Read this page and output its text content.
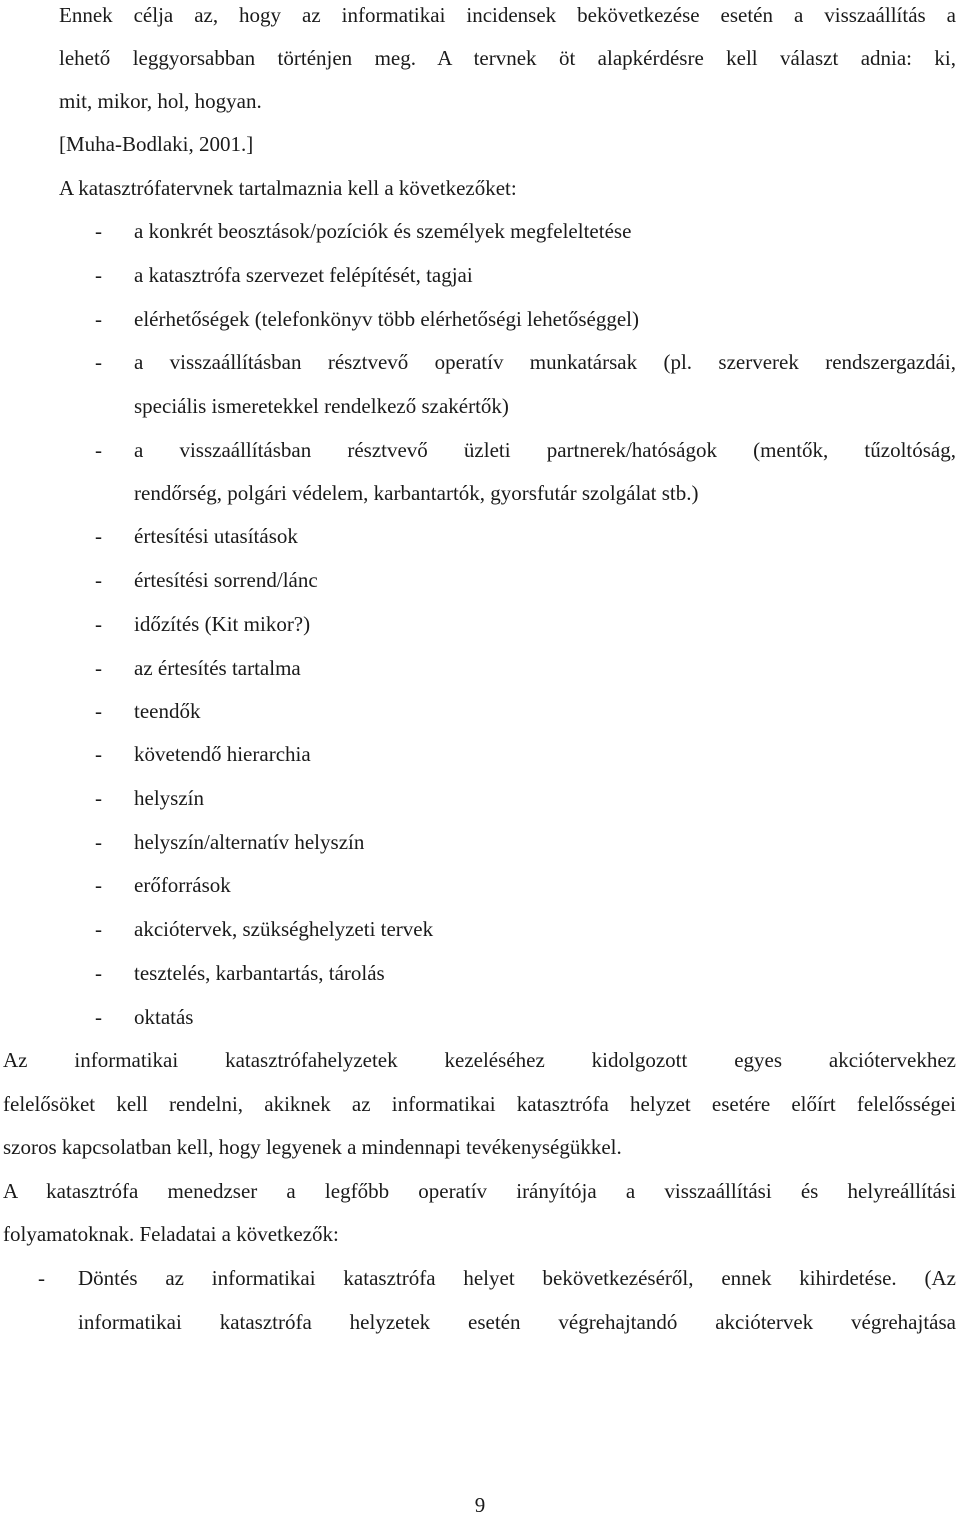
Ennek célja az, hogy az informatikai incidensek bekövetkezése esetén a visszaállítás a
lehető leggyorsabban történjen meg. A tervnek öt alapkérdésre kell választ adnia: ki,
mit, mikor, hol, hogyan.
[Muha-Bodlaki, 2001.]
A katasztrófatervnek tartalmaznia kell a következőket:
- a konkrét beosztások/pozíciók és személyek megfeleltetése
- a katasztrófa szervezet felépítését, tagjai
- elérhetőségek (telefonkönyv több elérhetőségi lehetőséggel)
- a visszaállításban résztvevő operatív munkatársak (pl. szerverek rendszergazdái,
speciális ismeretekkel rendelkező szakértők)
- a visszaállításban résztvevő üzleti partnerek/hatóságok (mentők, tűzoltóság,
rendőrség, polgári védelem, karbantartók, gyorsfutár szolgálat stb.)
- értesítési utasítások
- értesítési sorrend/lánc
- időzítés (Kit mikor?)
- az értesítés tartalma
- teendők
- követendő hierarchia
- helyszín
- helyszín/alternatív helyszín
- erőforrások
- akciótervek, szükséghelyzeti tervek
- tesztelés, karbantartás, tárolás
- oktatás
Az informatikai katasztrófahelyzetek kezeléséhez kidolgozott egyes akciótervekhez
felelősöket kell rendelni, akiknek az informatikai katasztrófa helyzet esetére előírt felelősségei
szoros kapcsolatban kell, hogy legyenek a mindennapi tevékenységükkel.
A katasztrófa menedzser a legfőbb operatív irányítója a visszaállítási és helyreállítási
folyamatoknak. Feladatai a következők:
- Döntés az informatikai katasztrófa helyet bekövetkezéséről, ennek kihirdetése. (Az
informatikai katasztrófa helyzetek esetén végrehajtandó akciótervek végrehajtása
9
